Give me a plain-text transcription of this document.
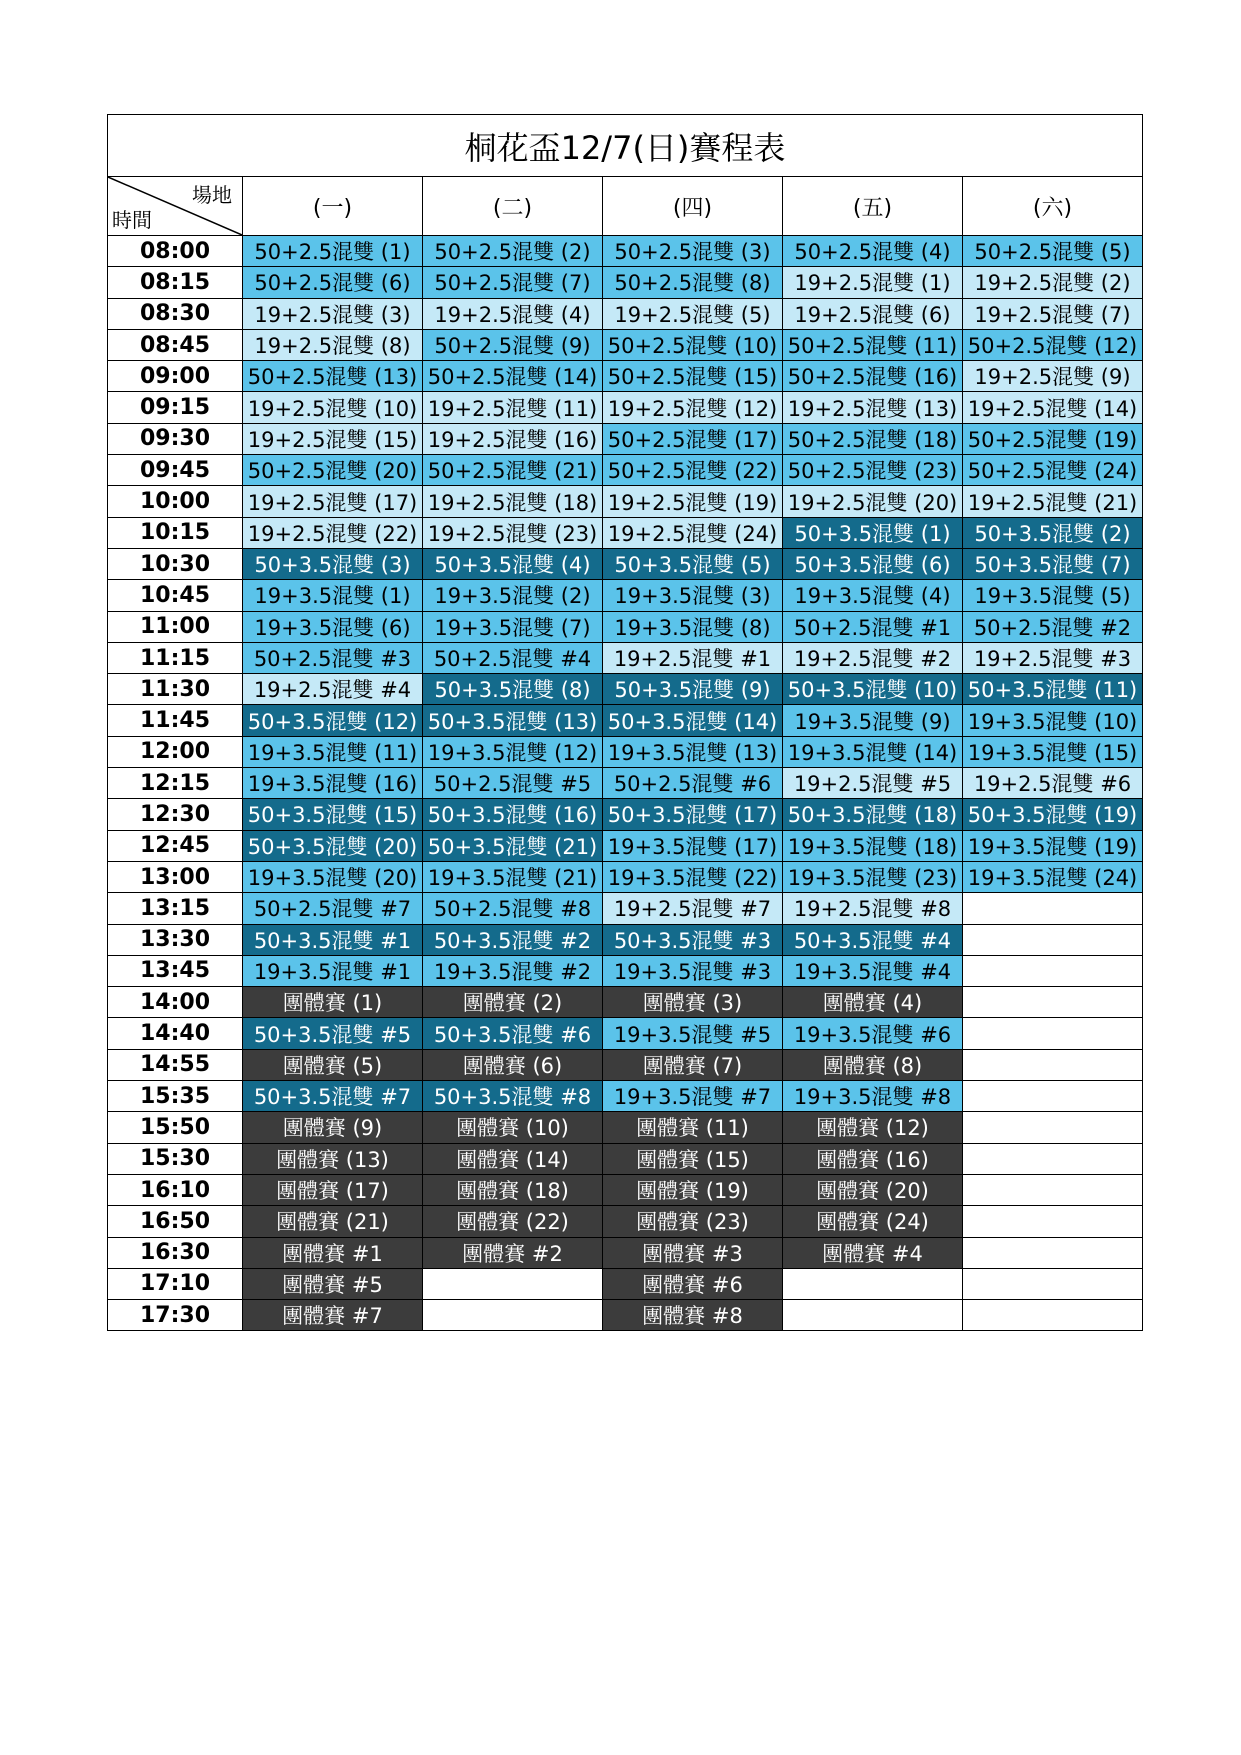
桐花盃12/7(日)賽程表					

場地
時間	(一)	(二)	(四)	(五)	(六)
08:00	50+2.5混雙 (1)	50+2.5混雙 (2)	50+2.5混雙 (3)	50+2.5混雙 (4)	50+2.5混雙 (5)
08:15	50+2.5混雙 (6)	50+2.5混雙 (7)	50+2.5混雙 (8)	19+2.5混雙 (1)	19+2.5混雙 (2)
08:30	19+2.5混雙 (3)	19+2.5混雙 (4)	19+2.5混雙 (5)	19+2.5混雙 (6)	19+2.5混雙 (7)
08:45	19+2.5混雙 (8)	50+2.5混雙 (9)	50+2.5混雙 (10)	50+2.5混雙 (11)	50+2.5混雙 (12)
09:00	50+2.5混雙 (13)	50+2.5混雙 (14)	50+2.5混雙 (15)	50+2.5混雙 (16)	19+2.5混雙 (9)
09:15	19+2.5混雙 (10)	19+2.5混雙 (11)	19+2.5混雙 (12)	19+2.5混雙 (13)	19+2.5混雙 (14)
09:30	19+2.5混雙 (15)	19+2.5混雙 (16)	50+2.5混雙 (17)	50+2.5混雙 (18)	50+2.5混雙 (19)
09:45	50+2.5混雙 (20)	50+2.5混雙 (21)	50+2.5混雙 (22)	50+2.5混雙 (23)	50+2.5混雙 (24)
10:00	19+2.5混雙 (17)	19+2.5混雙 (18)	19+2.5混雙 (19)	19+2.5混雙 (20)	19+2.5混雙 (21)
10:15	19+2.5混雙 (22)	19+2.5混雙 (23)	19+2.5混雙 (24)	50+3.5混雙 (1)	50+3.5混雙 (2)
10:30	50+3.5混雙 (3)	50+3.5混雙 (4)	50+3.5混雙 (5)	50+3.5混雙 (6)	50+3.5混雙 (7)
10:45	19+3.5混雙 (1)	19+3.5混雙 (2)	19+3.5混雙 (3)	19+3.5混雙 (4)	19+3.5混雙 (5)
11:00	19+3.5混雙 (6)	19+3.5混雙 (7)	19+3.5混雙 (8)	50+2.5混雙 #1	50+2.5混雙 #2
11:15	50+2.5混雙 #3	50+2.5混雙 #4	19+2.5混雙 #1	19+2.5混雙 #2	19+2.5混雙 #3
11:30	19+2.5混雙 #4	50+3.5混雙 (8)	50+3.5混雙 (9)	50+3.5混雙 (10)	50+3.5混雙 (11)
11:45	50+3.5混雙 (12)	50+3.5混雙 (13)	50+3.5混雙 (14)	19+3.5混雙 (9)	19+3.5混雙 (10)
12:00	19+3.5混雙 (11)	19+3.5混雙 (12)	19+3.5混雙 (13)	19+3.5混雙 (14)	19+3.5混雙 (15)
12:15	19+3.5混雙 (16)	50+2.5混雙 #5	50+2.5混雙 #6	19+2.5混雙 #5	19+2.5混雙 #6
12:30	50+3.5混雙 (15)	50+3.5混雙 (16)	50+3.5混雙 (17)	50+3.5混雙 (18)	50+3.5混雙 (19)
12:45	50+3.5混雙 (20)	50+3.5混雙 (21)	19+3.5混雙 (17)	19+3.5混雙 (18)	19+3.5混雙 (19)
13:00	19+3.5混雙 (20)	19+3.5混雙 (21)	19+3.5混雙 (22)	19+3.5混雙 (23)	19+3.5混雙 (24)
13:15	50+2.5混雙 #7	50+2.5混雙 #8	19+2.5混雙 #7	19+2.5混雙 #8	
13:30	50+3.5混雙 #1	50+3.5混雙 #2	50+3.5混雙 #3	50+3.5混雙 #4	
13:45	19+3.5混雙 #1	19+3.5混雙 #2	19+3.5混雙 #3	19+3.5混雙 #4	
14:00	團體賽 (1)	團體賽 (2)	團體賽 (3)	團體賽 (4)	
14:40	50+3.5混雙 #5	50+3.5混雙 #6	19+3.5混雙 #5	19+3.5混雙 #6	
14:55	團體賽 (5)	團體賽 (6)	團體賽 (7)	團體賽 (8)	
15:35	50+3.5混雙 #7	50+3.5混雙 #8	19+3.5混雙 #7	19+3.5混雙 #8	
15:50	團體賽 (9)	團體賽 (10)	團體賽 (11)	團體賽 (12)	
15:30	團體賽 (13)	團體賽 (14)	團體賽 (15)	團體賽 (16)	
16:10	團體賽 (17)	團體賽 (18)	團體賽 (19)	團體賽 (20)	
16:50	團體賽 (21)	團體賽 (22)	團體賽 (23)	團體賽 (24)	
16:30	團體賽 #1	團體賽 #2	團體賽 #3	團體賽 #4	
17:10	團體賽 #5		團體賽 #6		
17:30	團體賽 #7		團體賽 #8		
